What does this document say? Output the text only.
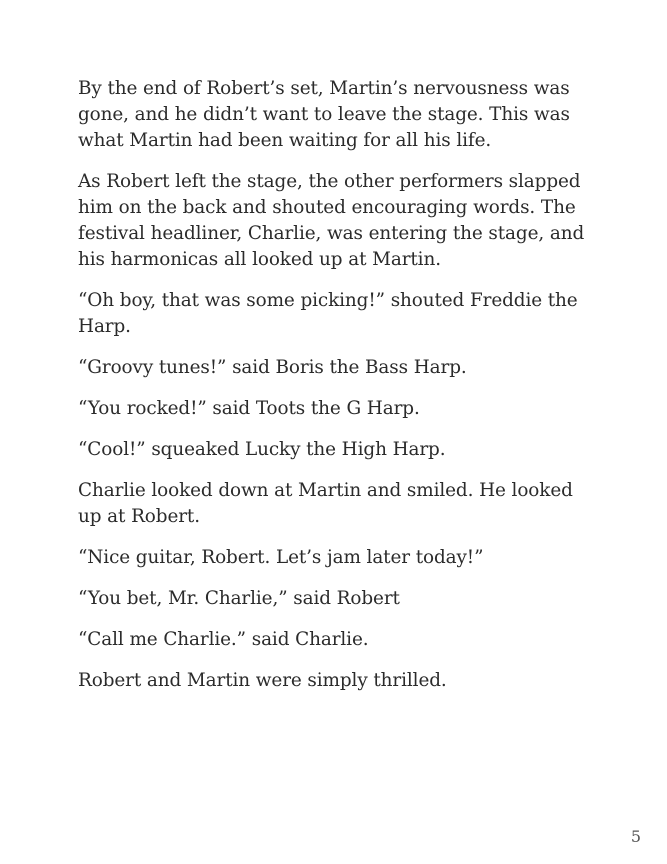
By the end of Robert’s set, Martin’s nervousness was gone, and he didn’t want to leave the stage. This was what Martin had been waiting for all his life.

As Robert left the stage, the other performers slapped him on the back and shouted encouraging words. The festival headliner, Charlie, was entering the stage, and his harmonicas all looked up at Martin.

“Oh boy, that was some picking!” shouted Freddie the Harp.

“Groovy tunes!” said Boris the Bass Harp.

“You rocked!” said Toots the G Harp.

“Cool!” squeaked Lucky the High Harp.

Charlie looked down at Martin and smiled. He looked up at Robert.

“Nice guitar, Robert. Let’s jam later today!”

“You bet, Mr. Charlie,” said Robert

“Call me Charlie.” said Charlie.

Robert and Martin were simply thrilled.

5
